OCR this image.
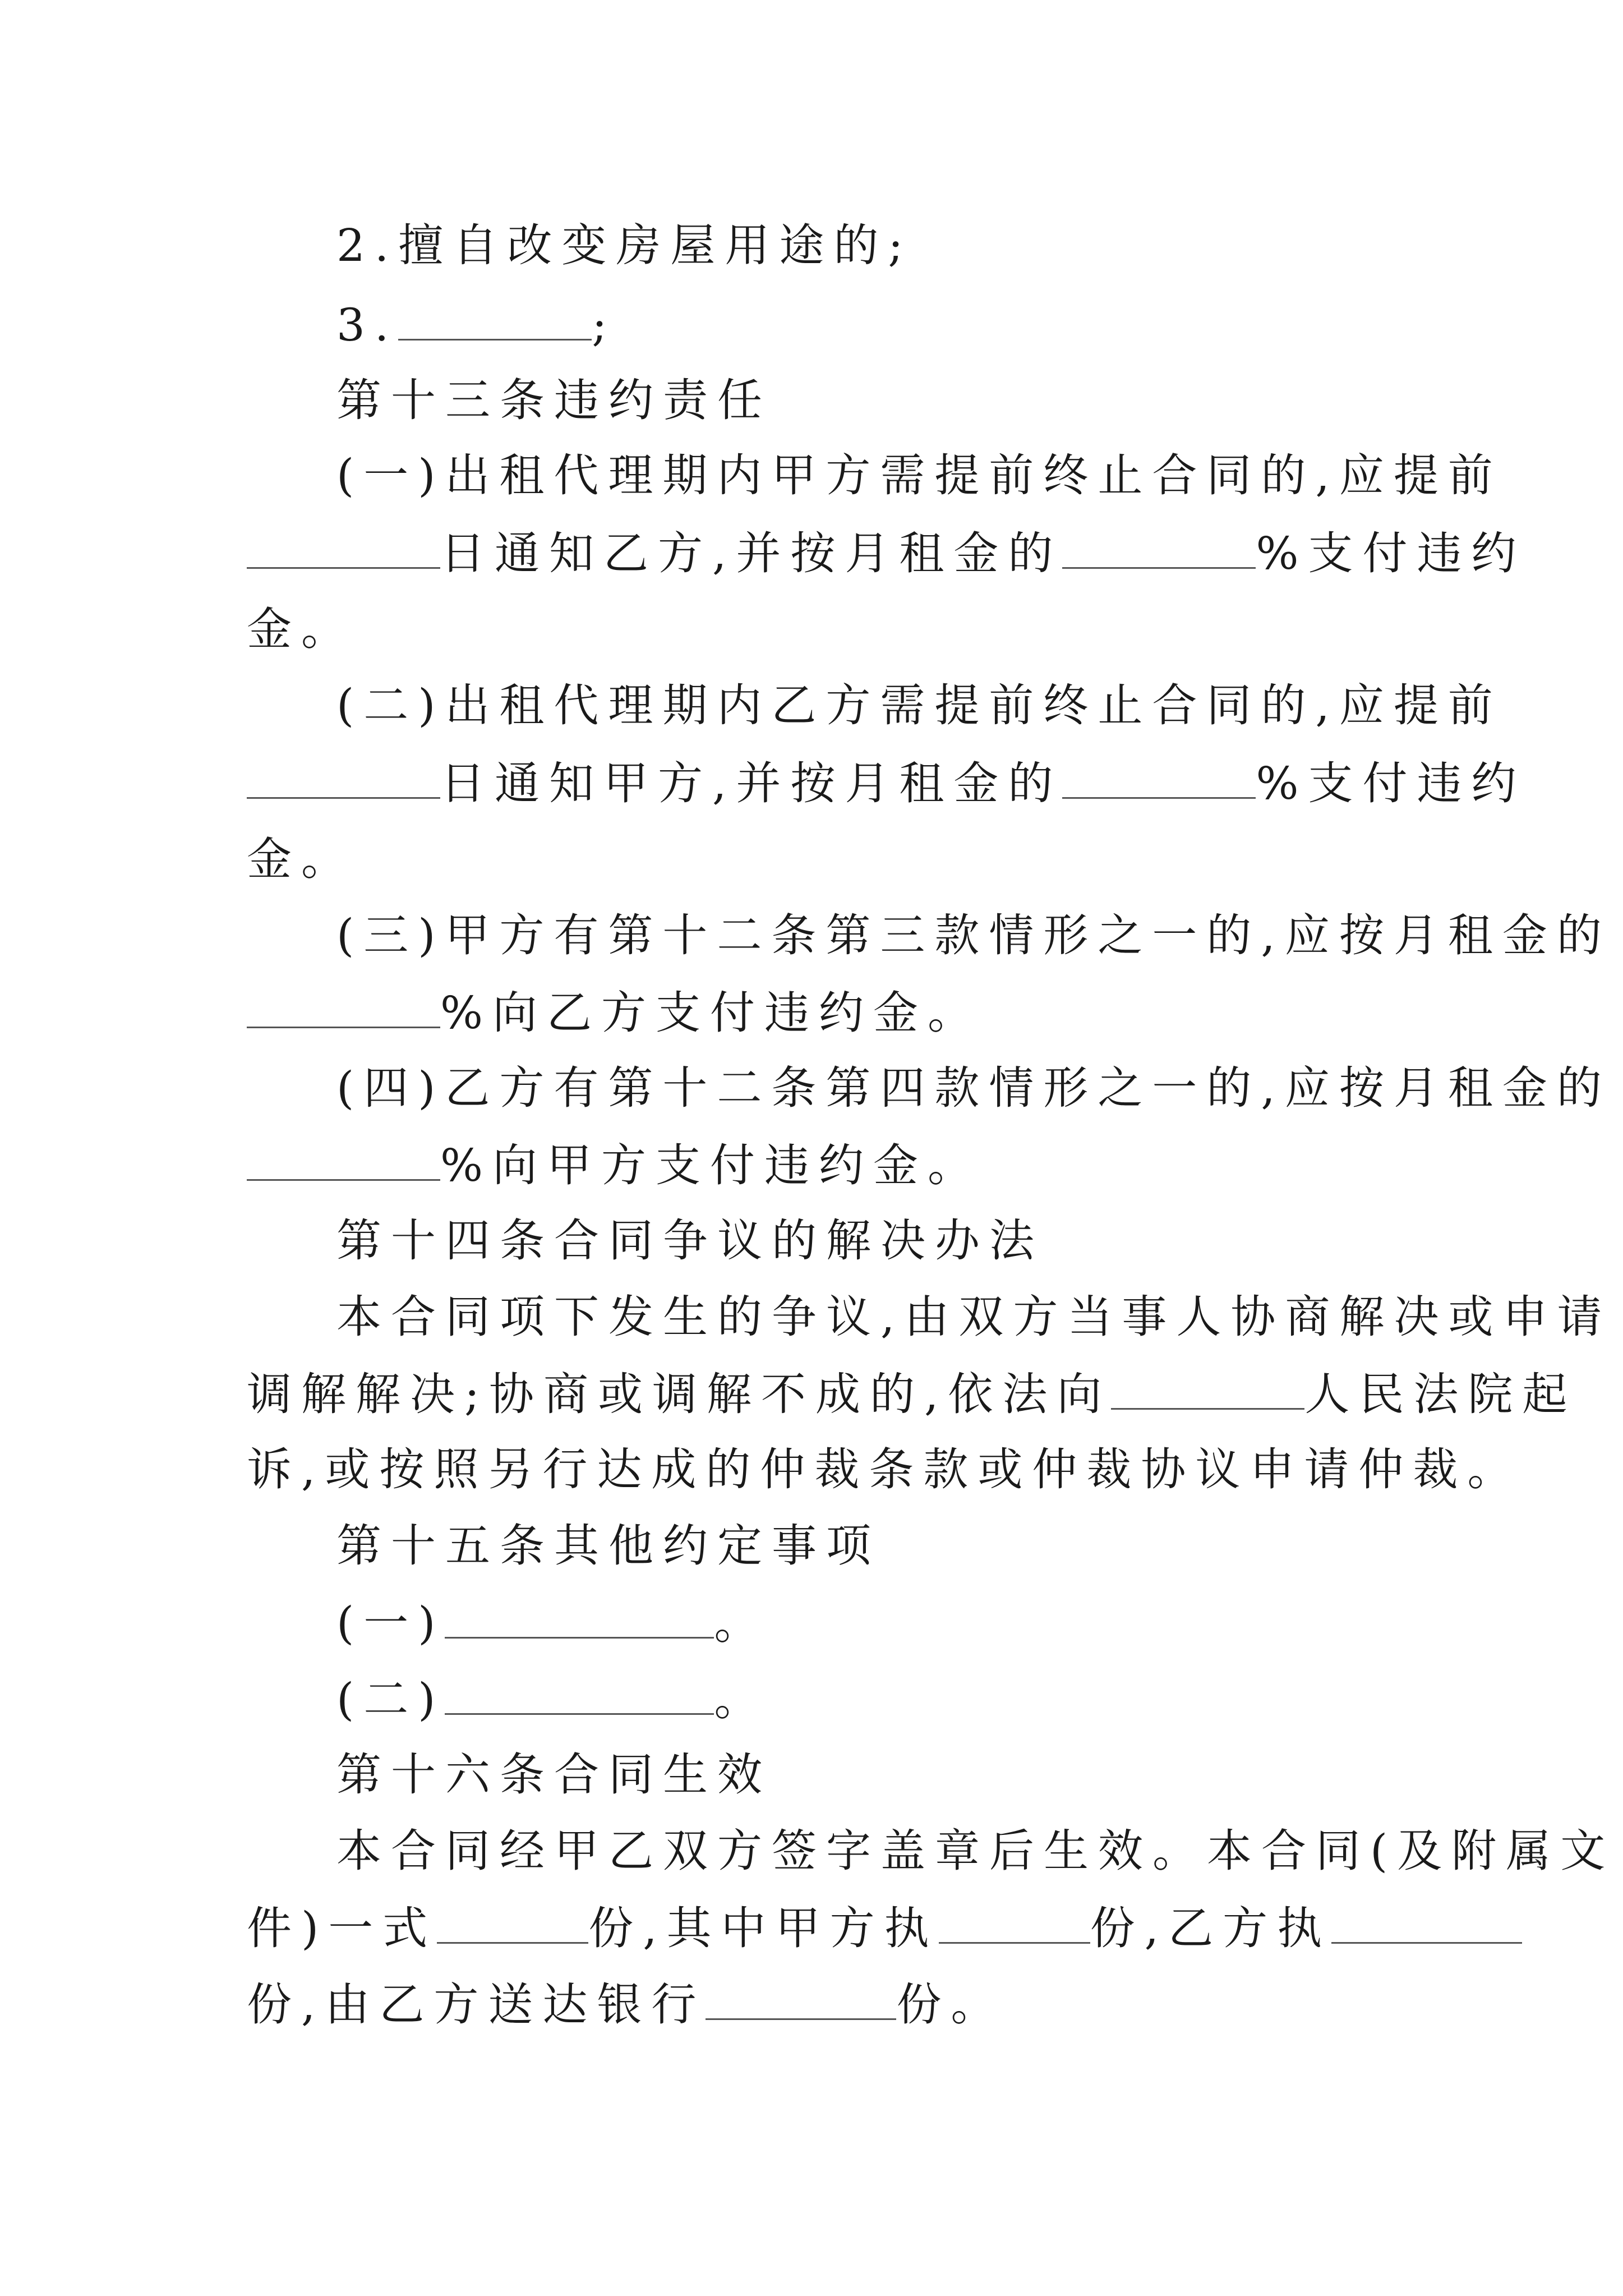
2.擅自改变房屋用途的;
3.	;
第十三条违约责任
(一)出租代理期内甲方需提前终止合同的,应提前
日通知乙方,并按月租金的	%支付违约
金。
(二)出租代理期内乙方需提前终止合同的,应提前
日通知甲方,并按月租金的	%支付违约
金。
(三)甲方有第十二条第三款情形之一的,应按月租金的
%向乙方支付违约金。
(四)乙方有第十二条第四款情形之一的,应按月租金的
%向甲方支付违约金。
第十四条合同争议的解决办法
本合同项下发生的争议,由双方当事人协商解决或申请
调解解决;协商或调解不成的,依法向	人民法院起
诉,或按照另行达成的仲裁条款或仲裁协议申请仲裁。
第十五条其他约定事项
(一)	。
(二)	。
第十六条合同生效
本合同经甲乙双方签字盖章后生效。本合同(及附属文
件)一式	份,其中甲方执	份,乙方执
份,由乙方送达银行	份。
